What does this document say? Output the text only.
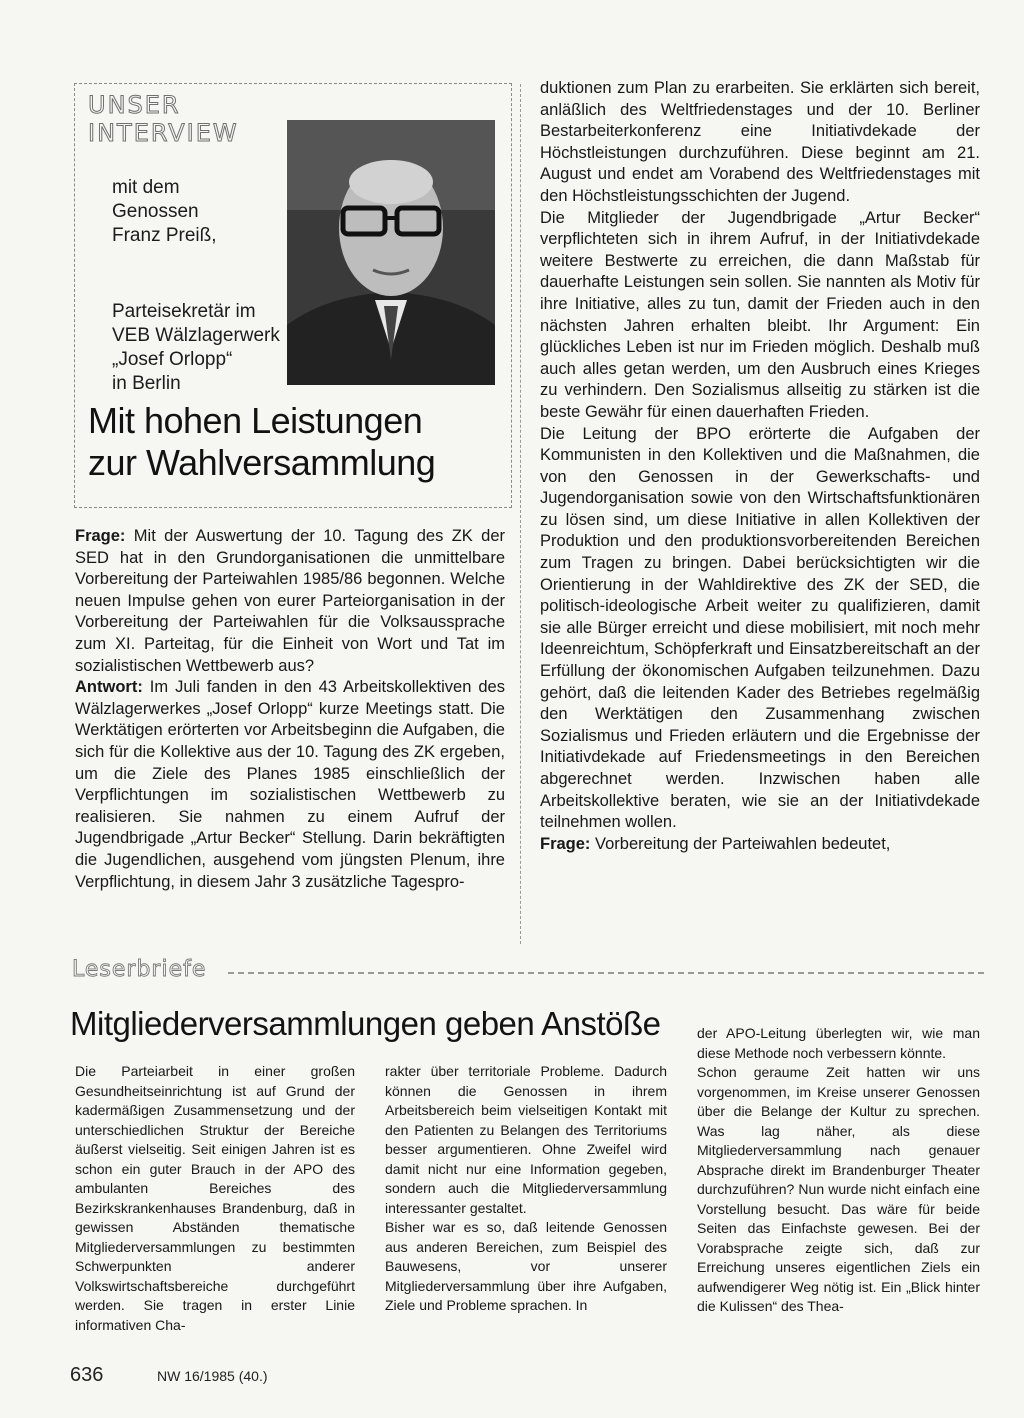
UNSER
INTERVIEW
mit dem
Genossen
Franz Preiß,
Parteisekretär im
VEB Wälzlagerwerk
„Josef Orlopp“
in Berlin
Mit hohen Leistungen
zur Wahlversammlung

Frage: Mit der Auswertung der 10. Tagung des ZK der SED hat in den Grundorganisationen die unmittelbare Vorbereitung der Parteiwahlen 1985/86 begonnen. Welche neuen Impulse gehen von eurer Parteiorganisation in der Vorbereitung der Parteiwahlen für die Volksaussprache zum XI. Parteitag, für die Einheit von Wort und Tat im sozialistischen Wettbewerb aus?

Antwort: Im Juli fanden in den 43 Arbeitskollektiven des Wälzlagerwerkes „Josef Orlopp“ kurze Meetings statt. Die Werktätigen erörterten vor Arbeitsbeginn die Aufgaben, die sich für die Kollektive aus der 10. Tagung des ZK ergeben, um die Ziele des Planes 1985 einschließlich der Verpflichtungen im sozialistischen Wettbewerb zu realisieren. Sie nahmen zu einem Aufruf der Jugendbrigade „Artur Becker“ Stellung. Darin bekräftigten die Jugendlichen, ausgehend vom jüngsten Plenum, ihre Verpflichtung, in diesem Jahr 3 zusätzliche Tagespro-

duktionen zum Plan zu erarbeiten. Sie erklärten sich bereit, anläßlich des Weltfriedenstages und der 10. Berliner Bestarbeiterkonferenz eine Initiativdekade der Höchstleistungen durchzuführen. Diese beginnt am 21. August und endet am Vorabend des Weltfriedenstages mit den Höchstleistungsschichten der Jugend.

Die Mitglieder der Jugendbrigade „Artur Becker“ verpflichteten sich in ihrem Aufruf, in der Initiativdekade weitere Bestwerte zu erreichen, die dann Maßstab für dauerhafte Leistungen sein sollen. Sie nannten als Motiv für ihre Initiative, alles zu tun, damit der Frieden auch in den nächsten Jahren erhalten bleibt. Ihr Argument: Ein glückliches Leben ist nur im Frieden möglich. Deshalb muß auch alles getan werden, um den Ausbruch eines Krieges zu verhindern. Den Sozialismus allseitig zu stärken ist die beste Gewähr für einen dauerhaften Frieden.

Die Leitung der BPO erörterte die Aufgaben der Kommunisten in den Kollektiven und die Maßnahmen, die von den Genossen in der Gewerkschafts- und Jugendorganisation sowie von den Wirtschaftsfunktionären zu lösen sind, um diese Initiative in allen Kollektiven der Produktion und den produktionsvorbereitenden Bereichen zum Tragen zu bringen. Dabei berücksichtigten wir die Orientierung in der Wahldirektive des ZK der SED, die politisch-ideologische Arbeit weiter zu qualifizieren, damit sie alle Bürger erreicht und diese mobilisiert, mit noch mehr Ideenreichtum, Schöpferkraft und Einsatzbereitschaft an der Erfüllung der ökonomischen Aufgaben teilzunehmen. Dazu gehört, daß die leitenden Kader des Betriebes regelmäßig den Werktätigen den Zusammenhang zwischen Sozialismus und Frieden erläutern und die Ergebnisse der Initiativdekade auf Friedensmeetings in den Bereichen abgerechnet werden. Inzwischen haben alle Arbeitskollektive beraten, wie sie an der Initiativdekade teilnehmen wollen.

Frage: Vorbereitung der Parteiwahlen bedeutet,

Leserbriefe
Mitgliederversammlungen geben Anstöße

Die Parteiarbeit in einer großen Gesundheitseinrichtung ist auf Grund der kadermäßigen Zusammensetzung und der unterschiedlichen Struktur der Bereiche äußerst vielseitig. Seit einigen Jahren ist es schon ein guter Brauch in der APO des ambulanten Bereiches des Bezirkskrankenhauses Brandenburg, daß in gewissen Abständen thematische Mitgliederversammlungen zu bestimmten Schwerpunkten anderer Volkswirtschaftsbereiche durchgeführt werden. Sie tragen in erster Linie informativen Cha-

rakter über territoriale Probleme. Dadurch können die Genossen in ihrem Arbeitsbereich beim vielseitigen Kontakt mit den Patienten zu Belangen des Territoriums besser argumentieren. Ohne Zweifel wird damit nicht nur eine Information gegeben, sondern auch die Mitgliederversammlung interessanter gestaltet.

Bisher war es so, daß leitende Genossen aus anderen Bereichen, zum Beispiel des Bauwesens, vor unserer Mitgliederversammlung über ihre Aufgaben, Ziele und Probleme sprachen. In

der APO-Leitung überlegten wir, wie man diese Methode noch verbessern könnte.

Schon geraume Zeit hatten wir uns vorgenommen, im Kreise unserer Genossen über die Belange der Kultur zu sprechen. Was lag näher, als diese Mitgliederversammlung nach genauer Absprache direkt im Brandenburger Theater durchzuführen? Nun wurde nicht einfach eine Vorstellung besucht. Das wäre für beide Seiten das Einfachste gewesen. Bei der Vorabsprache zeigte sich, daß zur Erreichung unseres eigentlichen Ziels ein aufwendigerer Weg nötig ist. Ein „Blick hinter die Kulissen“ des Thea-

636	NW 16/1985 (40.)
